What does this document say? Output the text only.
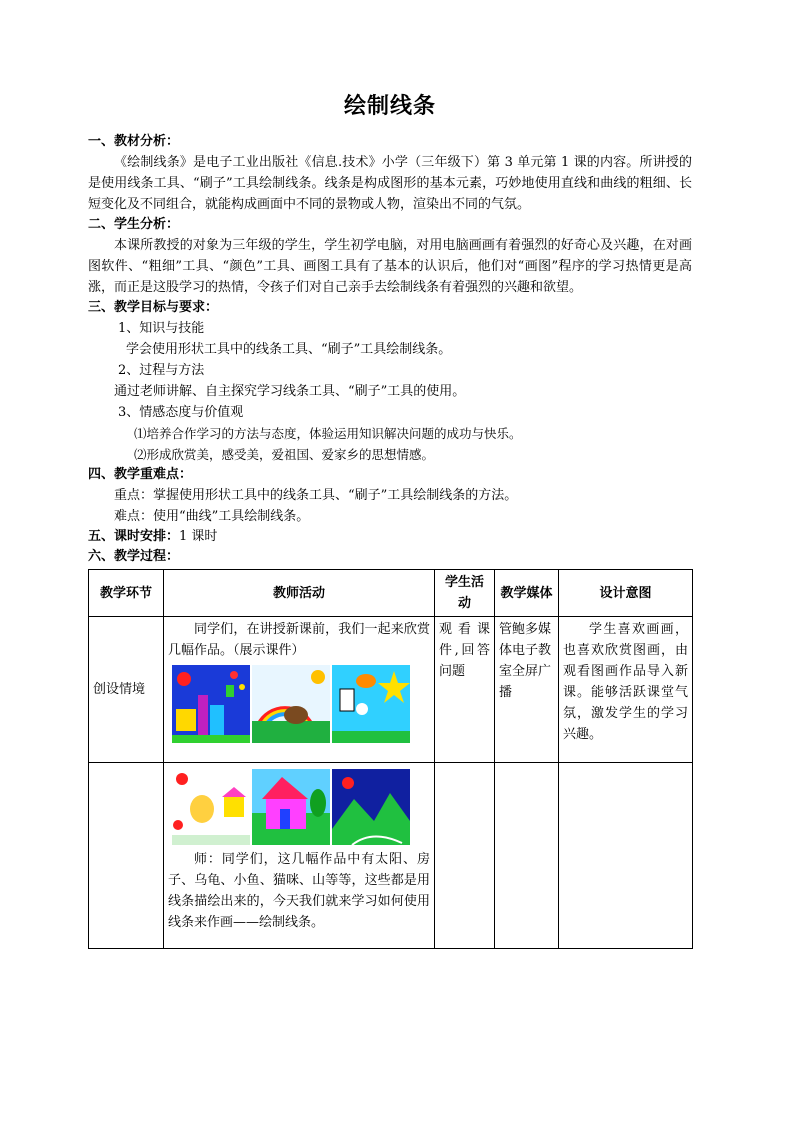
绘制线条
一、教材分析：

《绘制线条》是电子工业出版社《信息.技术》小学（三年级下）第 3 单元第 1 课的内容。所讲授的是使用线条工具、“刷子”工具绘制线条。线条是构成图形的基本元素，巧妙地使用直线和曲线的粗细、长短变化及不同组合，就能构成画面中不同的景物或人物，渲染出不同的气氛。

二、学生分析：

本课所教授的对象为三年级的学生，学生初学电脑，对用电脑画画有着强烈的好奇心及兴趣，在对画图软件、“粗细”工具、“颜色”工具、画图工具有了基本的认识后，他们对“画图”程序的学习热情更是高涨，而正是这股学习的热情，令孩子们对自己亲手去绘制线条有着强烈的兴趣和欲望。

三、教学目标与要求：
1、知识与技能
学会使用形状工具中的线条工具、“刷子”工具绘制线条。
2、过程与方法
通过老师讲解、自主探究学习线条工具、“刷子”工具的使用。
3、情感态度与价值观
⑴培养合作学习的方法与态度，体验运用知识解决问题的成功与快乐。
⑵形成欣赏美，感受美，爱祖国、爱家乡的思想情感。
四、教学重难点：
重点：掌握使用形状工具中的线条工具、“刷子”工具绘制线条的方法。
难点：使用“曲线”工具绘制线条。
五、课时安排：1 课时
六、教学过程：
教学环节	教师活动	学生活动	教学媒体	设计意图
创设情境	同学们，在讲授新课前，我们一起来欣赏几幅作品。（展示课件）	观看课件,回答问题	管鲍多媒体电子教室全屏广播	学生喜欢画画，也喜欢欣赏图画，由观看图画作品导入新课。能够活跃课堂气氛，激发学生的学习兴趣。

	师：同学们，这几幅作品中有太阳、房子、乌龟、小鱼、猫咪、山等等，这些都是用线条描绘出来的，今天我们就来学习如何使用线条来作画——绘制线条。			
